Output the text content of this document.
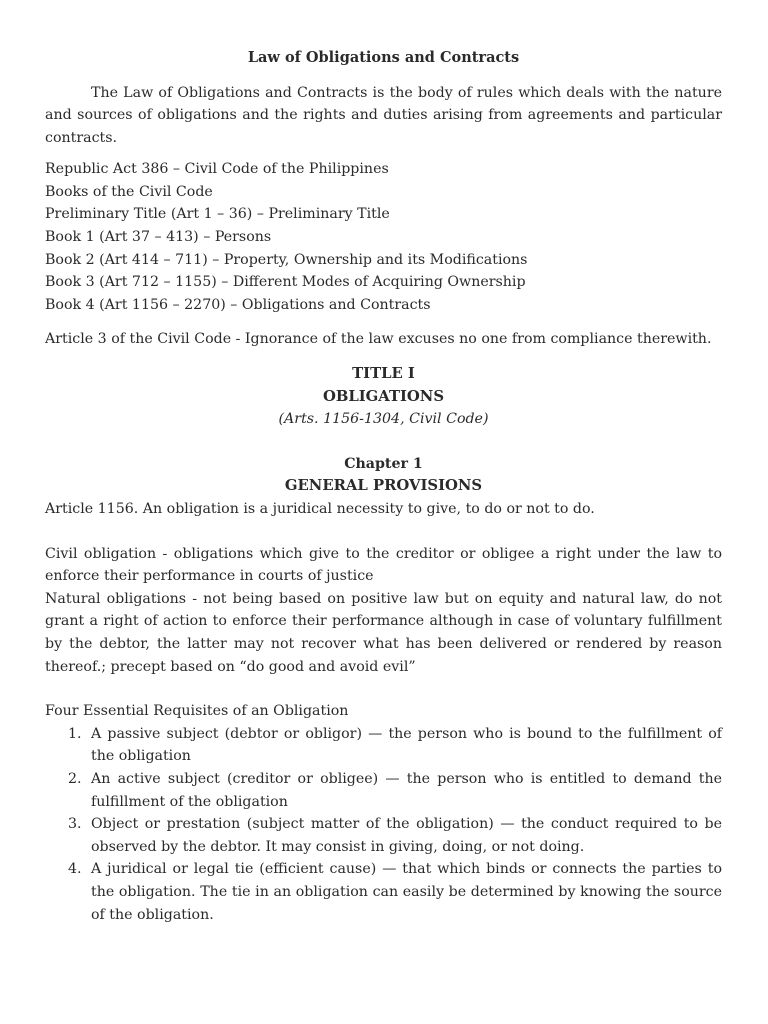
Law of Obligations and Contracts

The Law of Obligations and Contracts is the body of rules which deals with the nature and sources of obligations and the rights and duties arising from agreements and particular contracts.

Republic Act 386 – Civil Code of the Philippines

Books of the Civil Code

Preliminary Title (Art 1 – 36) – Preliminary Title

Book 1 (Art 37 – 413) – Persons

Book 2 (Art 414 – 711) – Property, Ownership and its Modifications

Book 3 (Art 712 – 1155) – Different Modes of Acquiring Ownership

Book 4 (Art 1156 – 2270) – Obligations and Contracts

Article 3 of the Civil Code - Ignorance of the law excuses no one from compliance therewith.

TITLE I

OBLIGATIONS

(Arts. 1156-1304, Civil Code)

Chapter 1

GENERAL PROVISIONS

Article 1156. An obligation is a juridical necessity to give, to do or not to do.

Civil obligation - obligations which give to the creditor or obligee a right under the law to enforce their performance in courts of justice

Natural obligations - not being based on positive law but on equity and natural law, do not grant a right of action to enforce their performance although in case of voluntary fulfillment by the debtor, the latter may not recover what has been delivered or rendered by reason thereof.; precept based on “do good and avoid evil”

Four Essential Requisites of an Obligation

1. A passive subject (debtor or obligor) — the person who is bound to the fulfillment of the obligation
2. An active subject (creditor or obligee) — the person who is entitled to demand the fulfillment of the obligation
3. Object or prestation (subject matter of the obligation) — the conduct required to be observed by the debtor. It may consist in giving, doing, or not doing.
4. A juridical or legal tie (efficient cause) — that which binds or connects the parties to the obligation. The tie in an obligation can easily be determined by knowing the source of the obligation.
